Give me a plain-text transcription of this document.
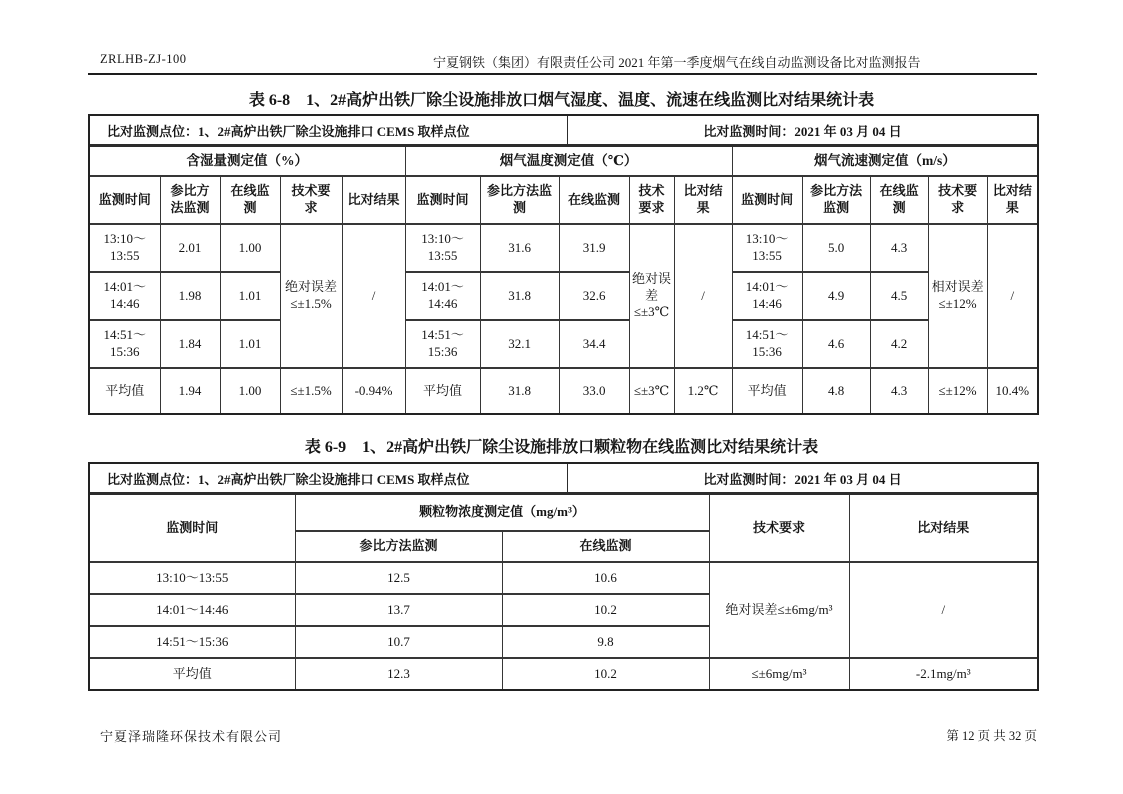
ZRLHB-ZJ-100	宁夏钢铁（集团）有限责任公司 2021 年第一季度烟气在线自动监测设备比对监测报告
表 6-8 1、2#高炉出铁厂除尘设施排放口烟气湿度、温度、流速在线监测比对结果统计表
比对监测点位：1、2#高炉出铁厂除尘设施排口 CEMS 取样点位	比对监测时间：2021 年 03 月 04 日
含湿量测定值（%）					烟气温度测定值（℃）					烟气流速测定值（m/s）				
监测时间	参比方法监测	在线监测	技术要求	比对结果	监测时间	参比方法监测	在线监测	技术要求	比对结果	监测时间	参比方法监测	在线监测	技术要求	比对结果
13:10～13:55	2.01	1.00	绝对误差≤±1.5%	/	13:10～13:55	31.6	31.9	绝对误差≤±3℃	/	13:10～13:55	5.0	4.3	相对误差≤±12%	/
14:01～14:46	1.98	1.01			14:01～14:46	31.8	32.6			14:01～14:46	4.9	4.5		
14:51～15:36	1.84	1.01			14:51～15:36	32.1	34.4			14:51～15:36	4.6	4.2		
平均值	1.94	1.00	≤±1.5%	-0.94%	平均值	31.8	33.0	≤±3℃	1.2℃	平均值	4.8	4.3	≤±12%	10.4%
表 6-9 1、2#高炉出铁厂除尘设施排放口颗粒物在线监测比对结果统计表
比对监测点位：1、2#高炉出铁厂除尘设施排口 CEMS 取样点位	比对监测时间：2021 年 03 月 04 日
监测时间	颗粒物浓度测定值（mg/m³）		技术要求	比对结果
	参比方法监测	在线监测		
13:10～13:55	12.5	10.6	绝对误差≤±6mg/m³	/
14:01～14:46	13.7	10.2		
14:51～15:36	10.7	9.8		
平均值	12.3	10.2	≤±6mg/m³	-2.1mg/m³
宁夏泽瑞隆环保技术有限公司	第 12 页 共 32 页
